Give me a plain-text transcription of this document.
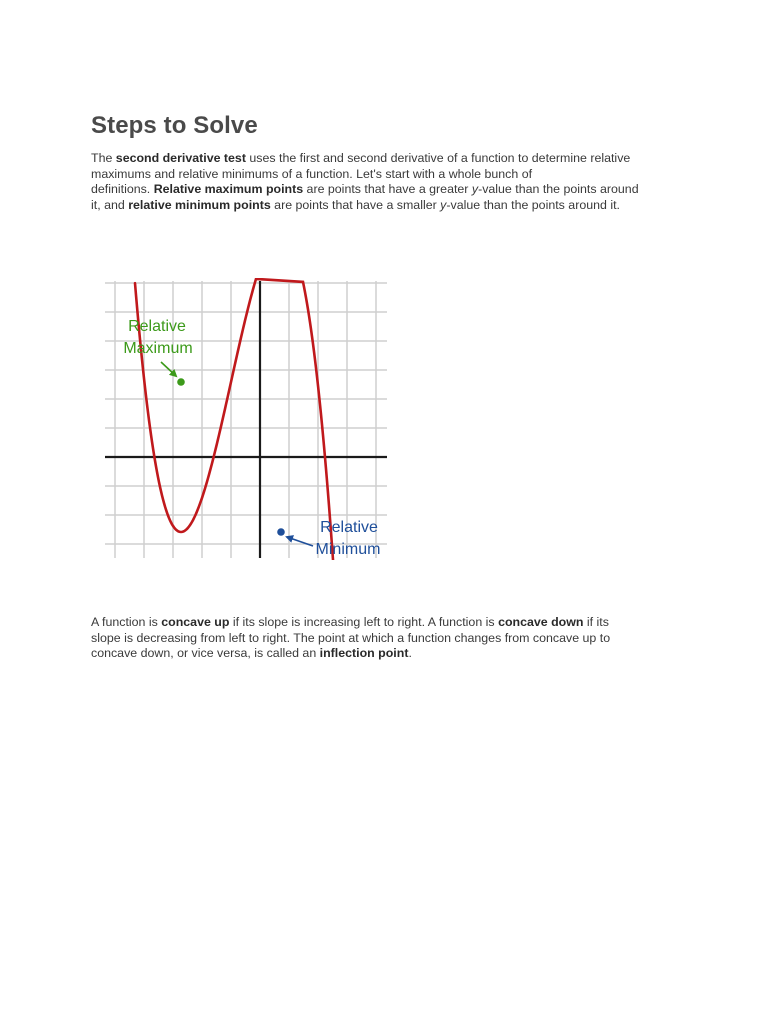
Steps to Solve
The second derivative test uses the first and second derivative of a function to determine relative
maximums and relative minimums of a function. Let's start with a whole bunch of
definitions. Relative maximum points are points that have a greater y-value than the points around
it, and relative minimum points are points that have a smaller y-value than the points around it.
Relative
Maximum
Relative
Minimum
A function is concave up if its slope is increasing left to right. A function is concave down if its
slope is decreasing from left to right. The point at which a function changes from concave up to
concave down, or vice versa, is called an inflection point.
